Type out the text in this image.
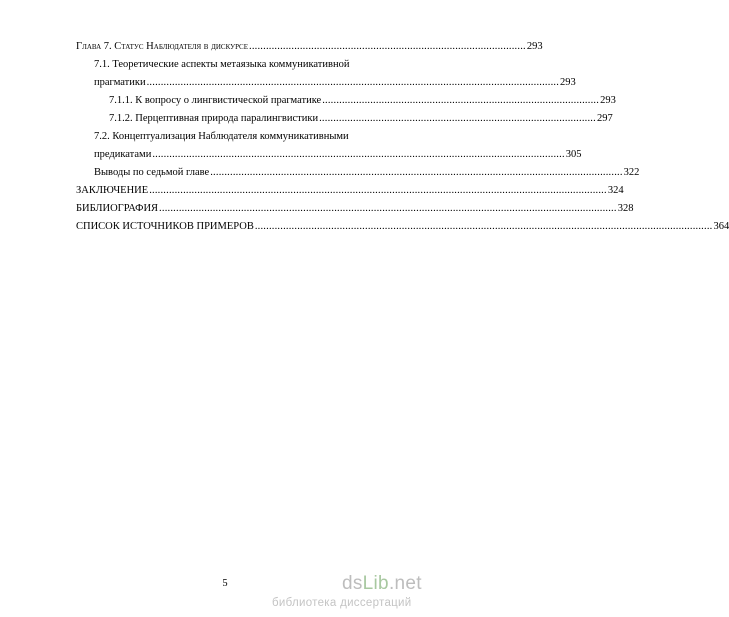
Глава 7. Статус Наблюдателя в дискурсе .................................................................................................. 293
7.1. Теоретические аспекты метаязыка коммуникативной
прагматики .................................................................................................................................................. 293
7.1.1. К вопросу о лингвистической прагматике .................................................................................................. 293
7.1.2. Перцептивная природа паралингвистики .................................................................................................. 297
7.2. Концептуализация Наблюдателя коммуникативными
предикатами .................................................................................................................................................. 305
Выводы по седьмой главе .................................................................................................................................................. 322
ЗАКЛЮЧЕНИЕ .................................................................................................................................................................. 324
БИБЛИОГРАФИЯ .................................................................................................................................................................. 328
СПИСОК ИСТОЧНИКОВ ПРИМЕРОВ .................................................................................................................................................................. 364
5	dsLib.net
библиотека диссертаций
